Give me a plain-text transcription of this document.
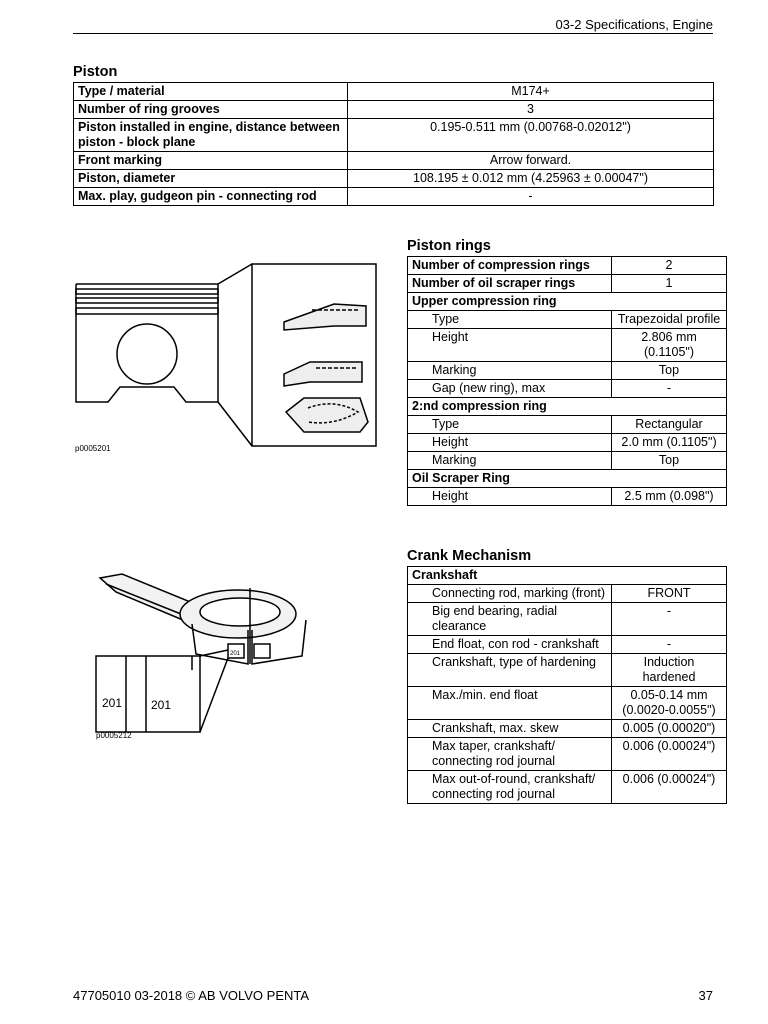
03-2 Specifications, Engine
Piston
Type / material	M174+
Number of ring grooves	3
Piston installed in engine, distance between piston - block plane	0.195-0.511 mm (0.00768-0.02012")
Front marking	Arrow forward.
Piston, diameter	108.195 ± 0.012 mm (4.25963 ± 0.00047")
Max. play, gudgeon pin - connecting rod	-
p0005201
Piston rings
Number of compression rings	2
Number of oil scraper rings	1
Upper compression ring	
Type	Trapezoidal profile
Height	2.806 mm (0.1105")
Marking	Top
Gap (new ring), max	-
2:nd compression ring	
Type	Rectangular
Height	2.0 mm (0.1105")
Marking	Top
Oil Scraper Ring	
Height	2.5 mm (0.098")
Crank Mechanism
Crankshaft	
Connecting rod, marking (front)	FRONT
Big end bearing, radial clearance	-
End float, con rod - crankshaft	-
Crankshaft, type of hardening	Induction hardened
Max./min. end float	0.05-0.14 mm (0.0020-0.0055")
Crankshaft, max. skew	0.005 (0.00020")
Max taper, crankshaft/ connecting rod journal	0.006 (0.00024")
Max out-of-round, crankshaft/ connecting rod journal	0.006 (0.00024")
201
201 201
p0005212
47705010 03-2018 © AB VOLVO PENTA	37
